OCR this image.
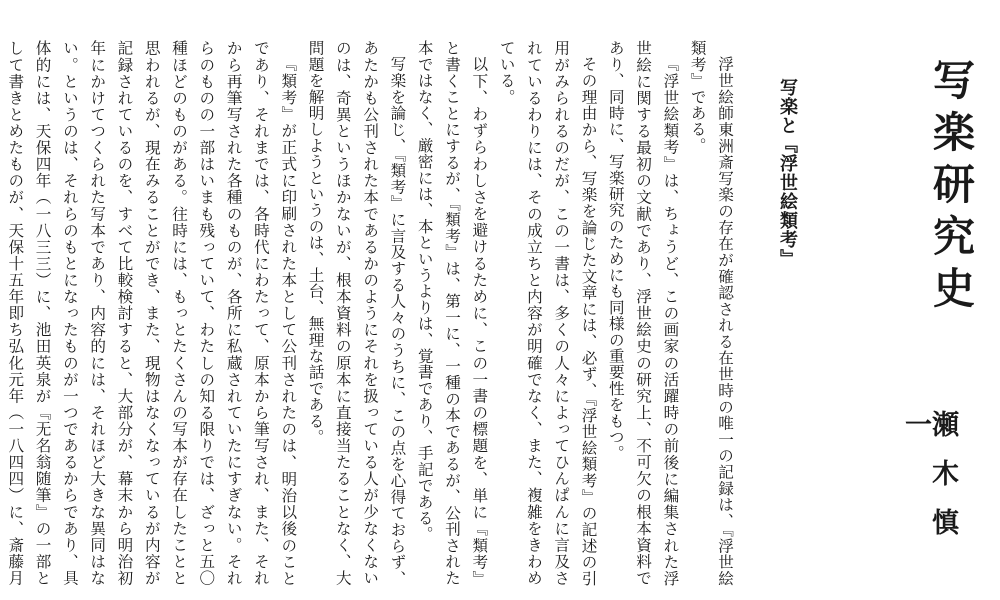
写楽研究史
瀬木慎一
写楽と『浮世絵類考』

浮世絵師東洲斎写楽の存在が確認される在世時の唯一の記録は、『浮世絵類考』である。

『浮世絵類考』は、ちょうど、この画家の活躍時の前後に編集された浮世絵に関する最初の文献であり、浮世絵史の研究上、不可欠の根本資料であり、同時に、写楽研究のためにも同様の重要性をもつ。

その理由から、写楽を論じた文章には、必ず、『浮世絵類考』の記述の引用がみられるのだが、この一書は、多くの人々によってひんぱんに言及されているわりには、その成立ちと内容が明確でなく、また、複雑をきわめている。

以下、わずらわしさを避けるために、この一書の標題を、単に『類考』と書くことにするが、『類考』は、第一に、一種の本であるが、公刊された本ではなく、厳密には、本というよりは、覚書であり、手記である。

写楽を論じ、『類考』に言及する人々のうちに、この点を心得ておらず、あたかも公刊された本であるかのようにそれを扱っている人が少なくないのは、奇異というほかないが、根本資料の原本に直接当たることなく、大問題を解明しようというのは、土台、無理な話である。

『類考』が正式に印刷された本として公刊されたのは、明治以後のことであり、それまでは、各時代にわたって、原本から筆写され、また、それから再筆写された各種のものが、各所に私蔵されていたにすぎない。それらのものの一部はいまも残っていて、わたしの知る限りでは、ざっと五〇種ほどのものがある。往時には、もっとたくさんの写本が存在したことと思われるが、現在みることができ、また、現物はなくなっているが内容が記録されているのを、すべて比較検討すると、大部分が、幕末から明治初年にかけてつくられた写本であり、内容的には、それほど大きな異同はない。というのは、それらのもとになったものが一つであるからであり、具体的には、天保四年（一八三三）に、池田英泉が『无名翁随筆』の一部として書きとめたものが、天保十五年即ち弘化元年（一八四四）に、斎藤月
